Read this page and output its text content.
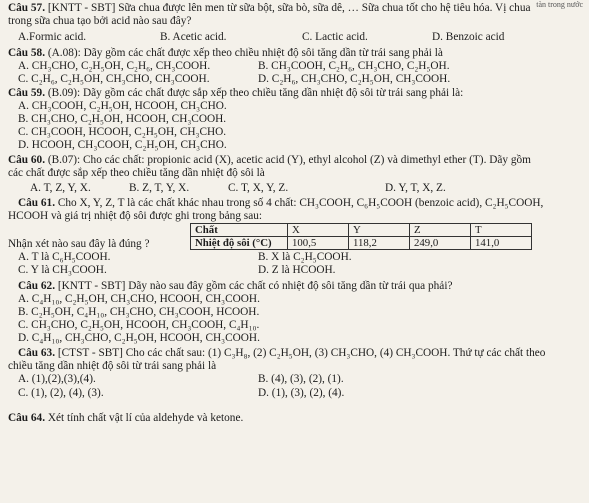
tàn trong nước
Câu 57. [KNTT - SBT] Sữa chua được lên men từ sữa bột, sữa bò, sữa dê, … Sữa chua tốt cho hệ tiêu hóa. Vị chua
trong sữa chua tạo bởi acid nào sau đây?
A.Formic acid.	B. Acetic acid.	C. Lactic acid.	D. Benzoic acid
Câu 58. (A.08): Dãy gồm các chất được xếp theo chiều nhiệt độ sôi tăng dần từ trái sang phải là
A. CH₃CHO, C₂H₅OH, C₂H₆, CH₃COOH.	B. CH₃COOH, C₂H₆, CH₃CHO, C₂H₅OH.
C. C₂H₆, C₂H₅OH, CH₃CHO, CH₃COOH.	D. C₂H₆, CH₃CHO, C₂H₅OH, CH₃COOH.
Câu 59. (B.09): Dãy gồm các chất được sắp xếp theo chiều tăng dần nhiệt độ sôi từ trái sang phải là:
A. CH₃COOH, C₂H₅OH, HCOOH, CH₃CHO.
B. CH₃CHO, C₂H₅OH, HCOOH, CH₃COOH.
C. CH₃COOH, HCOOH, C₂H₅OH, CH₃CHO.
D. HCOOH, CH₃COOH, C₂H₅OH, CH₃CHO.
Câu 60. (B.07): Cho các chất: propionic acid (X), acetic acid (Y), ethyl alcohol (Z) và dimethyl ether (T). Dãy gồm
các chất được sắp xếp theo chiều tăng dần nhiệt độ sôi là
A. T, Z, Y, X.	B. Z, T, Y, X.	C. T, X, Y, Z.	D. Y, T, X, Z.
Câu 61. Cho X, Y, Z, T là các chất khác nhau trong số 4 chất: CH₃COOH, C₆H₅COOH (benzoic acid), C₂H₅COOH,
HCOOH và giá trị nhiệt độ sôi được ghi trong bảng sau:
Chất	X	Y	Z	T
Nhiệt độ sôi (°C)	100,5	118,2	249,0	141,0
Nhận xét nào sau đây là đúng ?
A. T là C₆H₅COOH.	B. X là C₂H₅COOH.
C. Y là CH₃COOH.	D. Z là HCOOH.
Câu 62. [KNTT - SBT] Dãy nào sau đây gồm các chất có nhiệt độ sôi tăng dần từ trái qua phải?
A. C₄H₁₀, C₂H₅OH, CH₃CHO, HCOOH, CH₃COOH.
B. C₂H₅OH, C₄H₁₀, CH₃CHO, CH₃COOH, HCOOH.
C. CH₃CHO, C₂H₅OH, HCOOH, CH₃COOH, C₄H₁₀.
D. C₄H₁₀, CH₃CHO, C₂H₅OH, HCOOH, CH₃COOH.
Câu 63. [CTST - SBT] Cho các chất sau: (1) C₃H₈, (2) C₂H₅OH, (3) CH₃CHO, (4) CH₃COOH. Thứ tự các chất theo
chiều tăng dần nhiệt độ sôi từ trái sang phải là
A. (1),(2),(3),(4).	B. (4), (3), (2), (1).
C. (1), (2), (4), (3).	D. (1), (3), (2), (4).
Câu 64. Xét tính chất vật lí của aldehyde và ketone.
